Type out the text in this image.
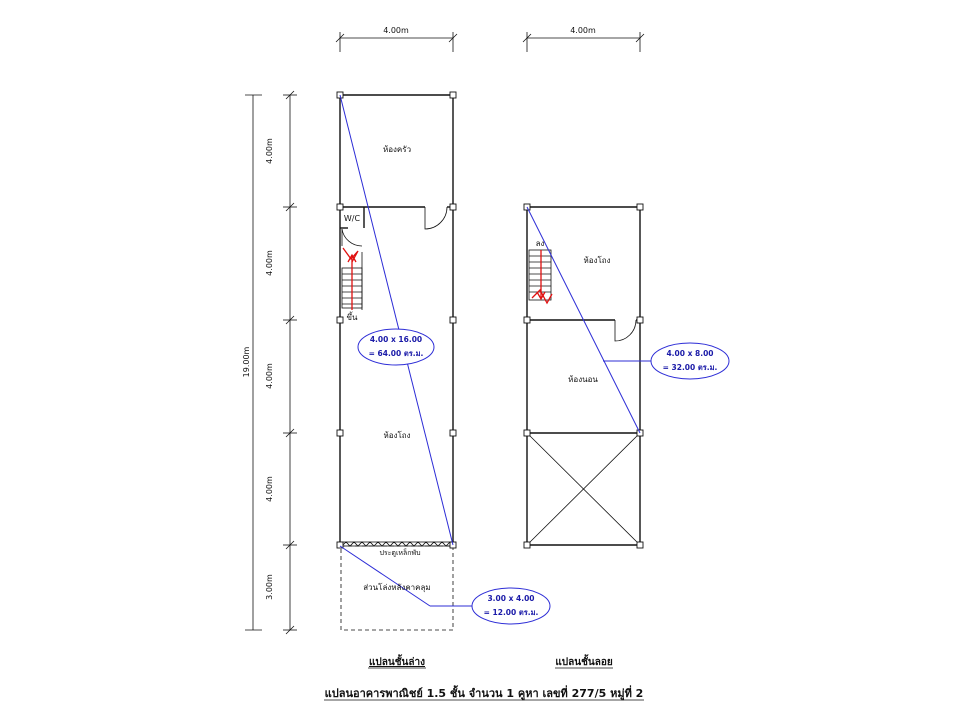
4.00m	4.00m
19.00m
4.00m
4.00m
4.00m
4.00m
3.00m
ห้องครัว
W/C
ขึ้น
ห้องโถง
ประตูเหล็กพับ
ส่วนโล่งหลังคาคลุม
4.00 x 16.00
= 64.00 ตร.ม.
3.00 x 4.00
= 12.00 ตร.ม.
ห้องโถง
ลง
ห้องนอน
4.00 x 8.00
= 32.00 ตร.ม.
แปลนชั้นล่าง	แปลนชั้นลอย
แปลนอาคารพาณิชย์ 1.5 ชั้น จำนวน 1 คูหา เลขที่ 277/5 หมู่ที่ 2
